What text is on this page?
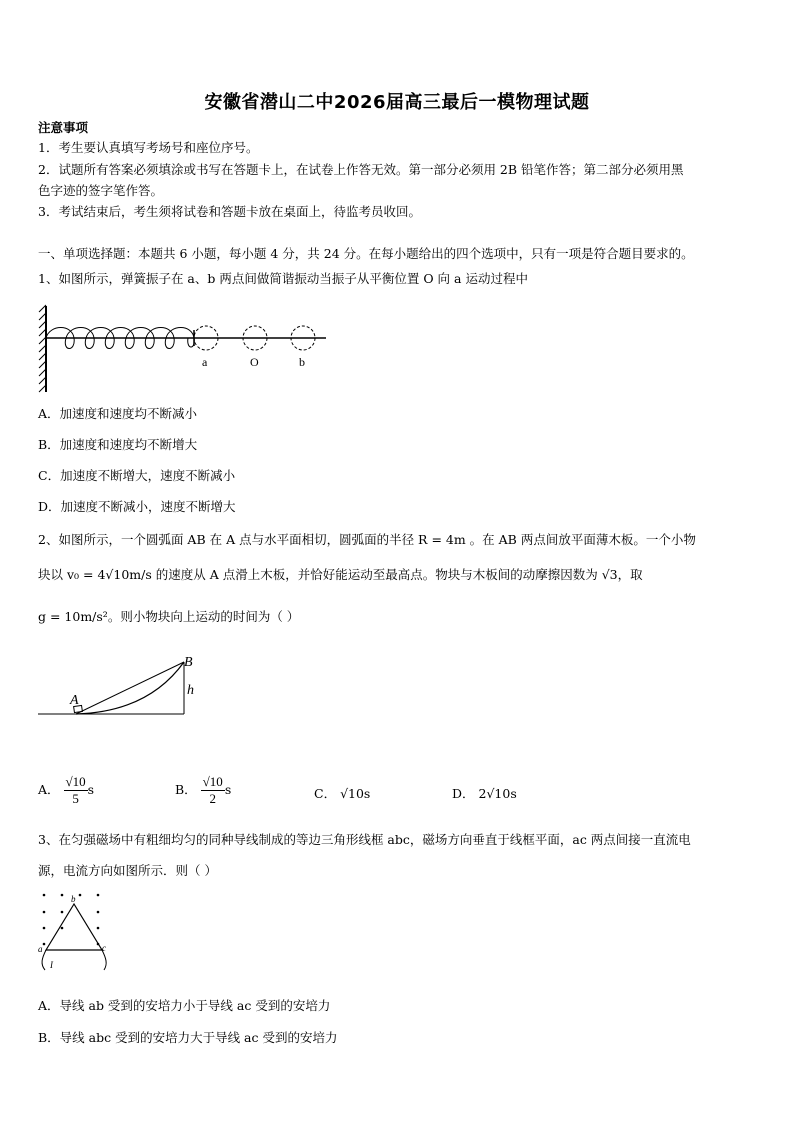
安徽省潜山二中2026届高三最后一模物理试题
注意事项
1．考生要认真填写考场号和座位序号。
2．试题所有答案必须填涂或书写在答题卡上，在试卷上作答无效。第一部分必须用 2B 铅笔作答；第二部分必须用黑
色字迹的签字笔作答。
3．考试结束后，考生须将试卷和答题卡放在桌面上，待监考员收回。
一、单项选择题：本题共 6 小题，每小题 4 分，共 24 分。在每小题给出的四个选项中，只有一项是符合题目要求的。
1、如图所示，弹簧振子在 a、b 两点间做简谐振动当振子从平衡位置 O 向 a 运动过程中
a	O	b
A．加速度和速度均不断减小
B．加速度和速度均不断增大
C．加速度不断增大，速度不断减小
D．加速度不断减小，速度不断增大
2、如图所示，一个圆弧面 AB 在 A 点与水平面相切，圆弧面的半径 R = 4m 。在 AB 两点间放平面薄木板。一个小物
块以 v₀ = 4√10m/s 的速度从 A 点滑上木板，并恰好能运动至最高点。物块与木板间的动摩擦因数为 √3，取
g = 10m/s²。则小物块向上运动的时间为（ ）
A
B
h
A． $\frac{√10}{5}$ s	B． $\frac{√10}{2}$ s	C． √10s	D． 2√10s
3、在匀强磁场中有粗细均匀的同种导线制成的等边三角形线框 abc，磁场方向垂直于线框平面，ac 两点间接一直流电
源，电流方向如图所示．则（ ）
b
a	c
I
A．导线 ab 受到的安培力小于导线 ac 受到的安培力
B．导线 abc 受到的安培力大于导线 ac 受到的安培力
